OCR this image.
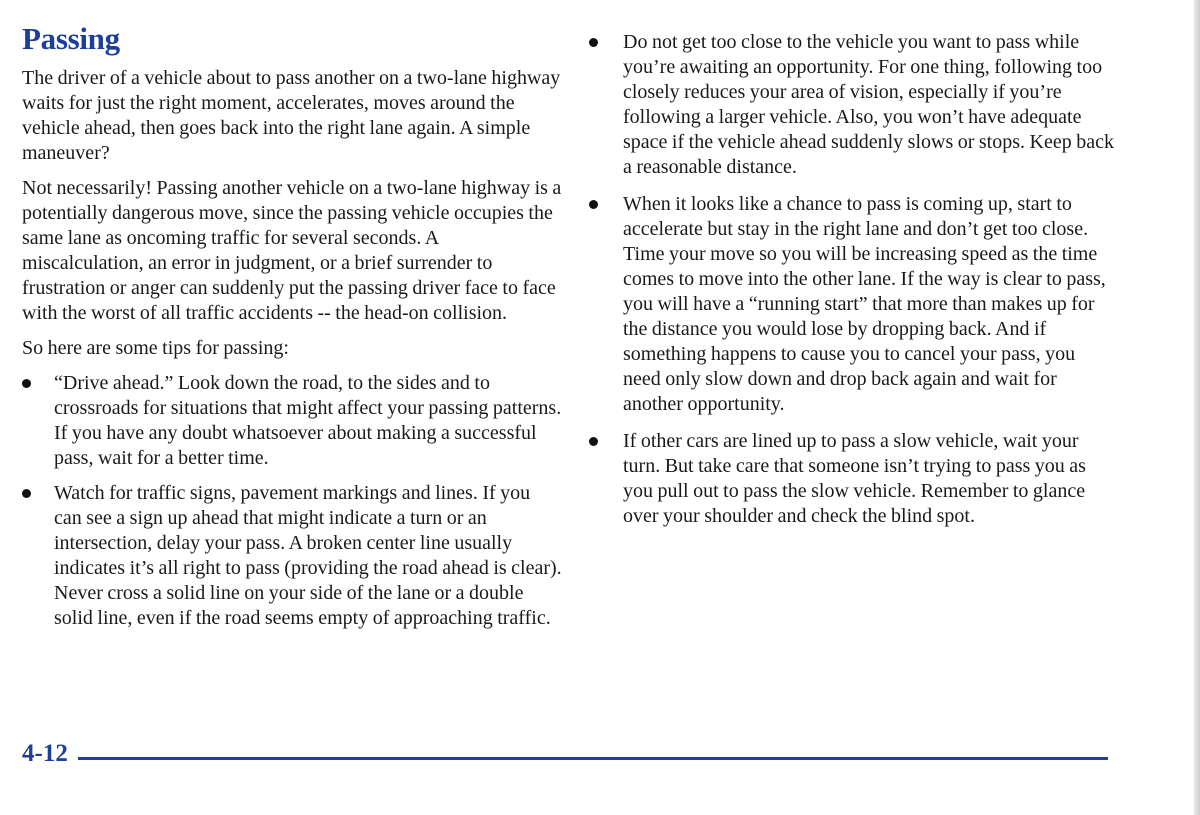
Passing

The driver of a vehicle about to pass another on a two-lane highway waits for just the right moment, accelerates, moves around the vehicle ahead, then goes back into the right lane again. A simple maneuver?

Not necessarily! Passing another vehicle on a two-lane highway is a potentially dangerous move, since the passing vehicle occupies the same lane as oncoming traffic for several seconds. A miscalculation, an error in judgment, or a brief surrender to frustration or anger can suddenly put the passing driver face to face with the worst of all traffic accidents -- the head-on collision.

So here are some tips for passing:

“Drive ahead.” Look down the road, to the sides and to crossroads for situations that might affect your passing patterns. If you have any doubt whatsoever about making a successful pass, wait for a better time.
Watch for traffic signs, pavement markings and lines. If you can see a sign up ahead that might indicate a turn or an intersection, delay your pass. A broken center line usually indicates it’s all right to pass (providing the road ahead is clear). Never cross a solid line on your side of the lane or a double solid line, even if the road seems empty of approaching traffic.
Do not get too close to the vehicle you want to pass while you’re awaiting an opportunity. For one thing, following too closely reduces your area of vision, especially if you’re following a larger vehicle. Also, you won’t have adequate space if the vehicle ahead suddenly slows or stops. Keep back a reasonable distance.
When it looks like a chance to pass is coming up, start to accelerate but stay in the right lane and don’t get too close. Time your move so you will be increasing speed as the time comes to move into the other lane. If the way is clear to pass, you will have a “running start” that more than makes up for the distance you would lose by dropping back. And if something happens to cause you to cancel your pass, you need only slow down and drop back again and wait for another opportunity.
If other cars are lined up to pass a slow vehicle, wait your turn. But take care that someone isn’t trying to pass you as you pull out to pass the slow vehicle. Remember to glance over your shoulder and check the blind spot.
4-12
